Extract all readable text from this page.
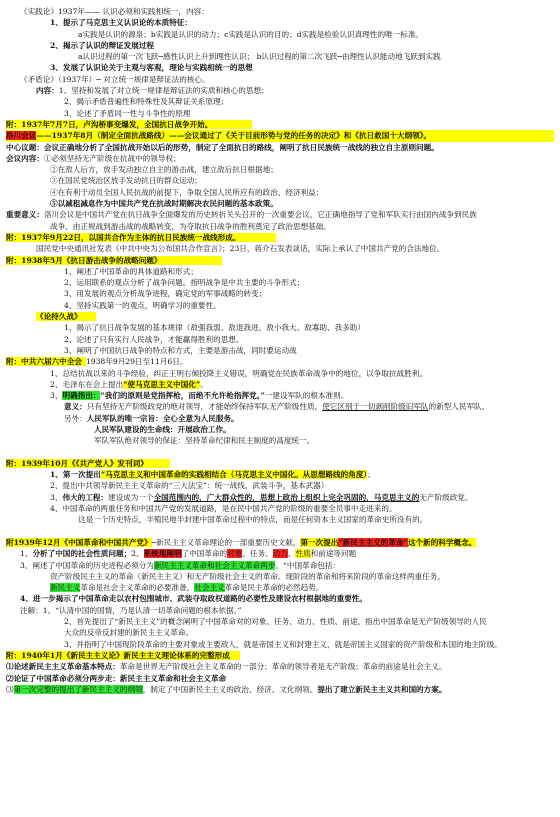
《实践论》1937年—— 认识必须和实践相统一，内容：
1、提示了马克思主义认识论的本质特征：
a实践是认识的源泉；b实践是认识的动力；c实践是认识的目的；d实践是检验认识真理性的唯一标准。
2、揭示了认识的辩证发展过程
a认识过程的第一次飞跃─感性认识上升到理性认识； b认识过程的第二次飞跃─由理性认识能动地飞跃到实践
3、发展了认识论关于主观与客观，理论与实践相统一的思想
《矛盾论》（1937年）─ 对立统一规律是辩证法的核心。
内容：1、坚持和发展了对立统一规律是辩证法的实质和核心的思想；
2、揭示矛盾普遍性和特殊性及其辩证关系原理；
3、论述了矛盾同一性与斗争性的原理
附：1937年7月7日，卢沟桥事变爆发，全国抗日战争开始。
洛川会议——1937年8月（制定全面抗战路线）——会议通过了《关于目前形势与党的任务的决定》和《抗日救国十大纲领》。
中心议题：会议正确地分析了全国抗战开始以后的形势，制定了全面抗日的路线，阐明了抗日民族统一战线的独立自主原则问题。
会议内容：①必须坚持无产阶级在抗战中的领导权；
②在敌人后方，放手发动独立自主的游击战，建立敌后抗日根据地；
③在国民党统治区放手发动抗日的群众运动；
④在有利于动员全国人民抗战的前提下，争取全国人民所应有的政治、经济利益；
⑤以减租减息作为中国共产党在抗战时期解决农民问题的基本政策。
重要意义：洛川会议是中国共产党在抗日战争全面爆发的历史转折关头召开的一次重要会议，它正确地指导了党和军队实行由国内战争到民族
战争、由正规战到游击战的战略转变，为夺取抗日战争的胜利奠定了政治思想基础。
附：1937年9月22日，以国共合作为主体的抗日民族统一战线形成。
国民党中央通讯社发表《中共中央为公布国共合作宣言》；23日，蒋介石发表谈话，实际上承认了中国共产党的合法地位。
附：1938年5月《抗日游击战争的战略问题》
1、阐述了中国革命的具体道路和形式；
2、运用联系的观点分析了战争问题。指明战争是中共主要的斗争形式；
3、用发展的观点分析战争进程，确定党的军事战略的转变；
4、坚持实践第一的观点，明确学习的重要性。
《论持久战》
1、揭示了抗日战争发展的基本规律（敌强我弱、敌退我进、敌小我大、敌寡助、我多助）
2、论述了只有实行人民战争，才能赢得胜利的思想。
3、阐明了中国抗日战争的特点和方式，主要是游击战，同时要运动战
附：中共六届六中全会 1938年9月29日至11月6日。
1、总结抗战以来的斗争经验，纠正王明右倾投降主义错误，明确党在民族革命战争中的地位，以争取抗战胜利。
2、毛泽东在会上提出“使马克思主义中国化”。
3、明确指出：“我们的原则是党指挥枪，而绝不允许枪指挥党。”一建设军队的根本准则。
意义：只有坚持无产阶级政党的绝对领导，才能始终保持军队无产阶级性质，使它区别于一切剥削阶级旧军队的新型人民军队。
另外：人民军队的唯一宗旨：全心全意为人民服务。
人民军队建设的生命线：开展政治工作。
军队军队绝对领导的保证：坚持革命纪律和民主制度的高度统一。
附：1939年10月《《共产党人》发刊词》
1、第一次提出“马克思主义和中国革命的实践相结合（马克思主义中国化。从思想路线的角度）；
2、提出中共领导新民主主义革命的“三大法宝”：统一战线，武装斗争，基本武器）
3、伟大的工程：建设成为一个全国范围内的，广大群众性的，思想上政治上组织上完全巩固的，马克思主义的无产阶级政党。
4、中国革命的两重任务和中国共产党的发展道路，是在民中国共产党的阶级的重要全员事中走进来的。
这是一个历史特点，半殖民地半封建中国革命过程中的特点，而是任何资本主义国家的革命史所没有的。
附1939年12月《中国革命和中国共产党》─新民主主义革命理论的一部重要历史文献，第一次提出“新民主主义的革命”这个新的科学概念。
1、分析了中国的社会性质问题；2、系统地阐明了中国革命的对象、任务、动力、性质和前途等问题
3、阐述了中国革命的历史进程必须分为新民主主义革命和社会主义革命两步。“中国革命包括：
资产阶级民主主义的革命（新民主主义）和无产阶级社会主义的革命。现阶段的革命和将来阶段的革命这样两重任务。
新民主义革命是社会主义革命的必要准备，社会主义革命是民主革命的必然趋势。
4、进一步揭示了中国革命走以农村包围城市、武装夺取政权道路的必要性及建设农村根据地的重要性。
注解：1、“认清中国的国情，乃是认清一切革命问题的根本依据。”
2、首先提出了“新民主主义”的概念阐明了中国革命对的对象、任务、动力、性质、前途，指出中国革命是无产阶级领导的人民
大众的反帝反封建的新民主主义革命。
3、并指明了中国现阶段革命的主要对象或主要敌人，就是帝国主义和封建主义，就是帝国主义国家的资产阶级和本国的地主阶级。
附：1940年1月《新民主主义论》新民主主义理论体系的完整形成
⑴论述新民主主义革命基本特点：革命是世界无产阶级社会主义革命的一部分；革命的领导者是无产阶级；革命的前途是社会主义。
⑵论证了中国革命必须分两步走：新民主主义革命和社会主义革命
⑶第一次完整的提出了新民主主义的纲领，制定了中国新民主主义的政治、经济、文化纲领。提出了建立新民主主义共和国的方案。
